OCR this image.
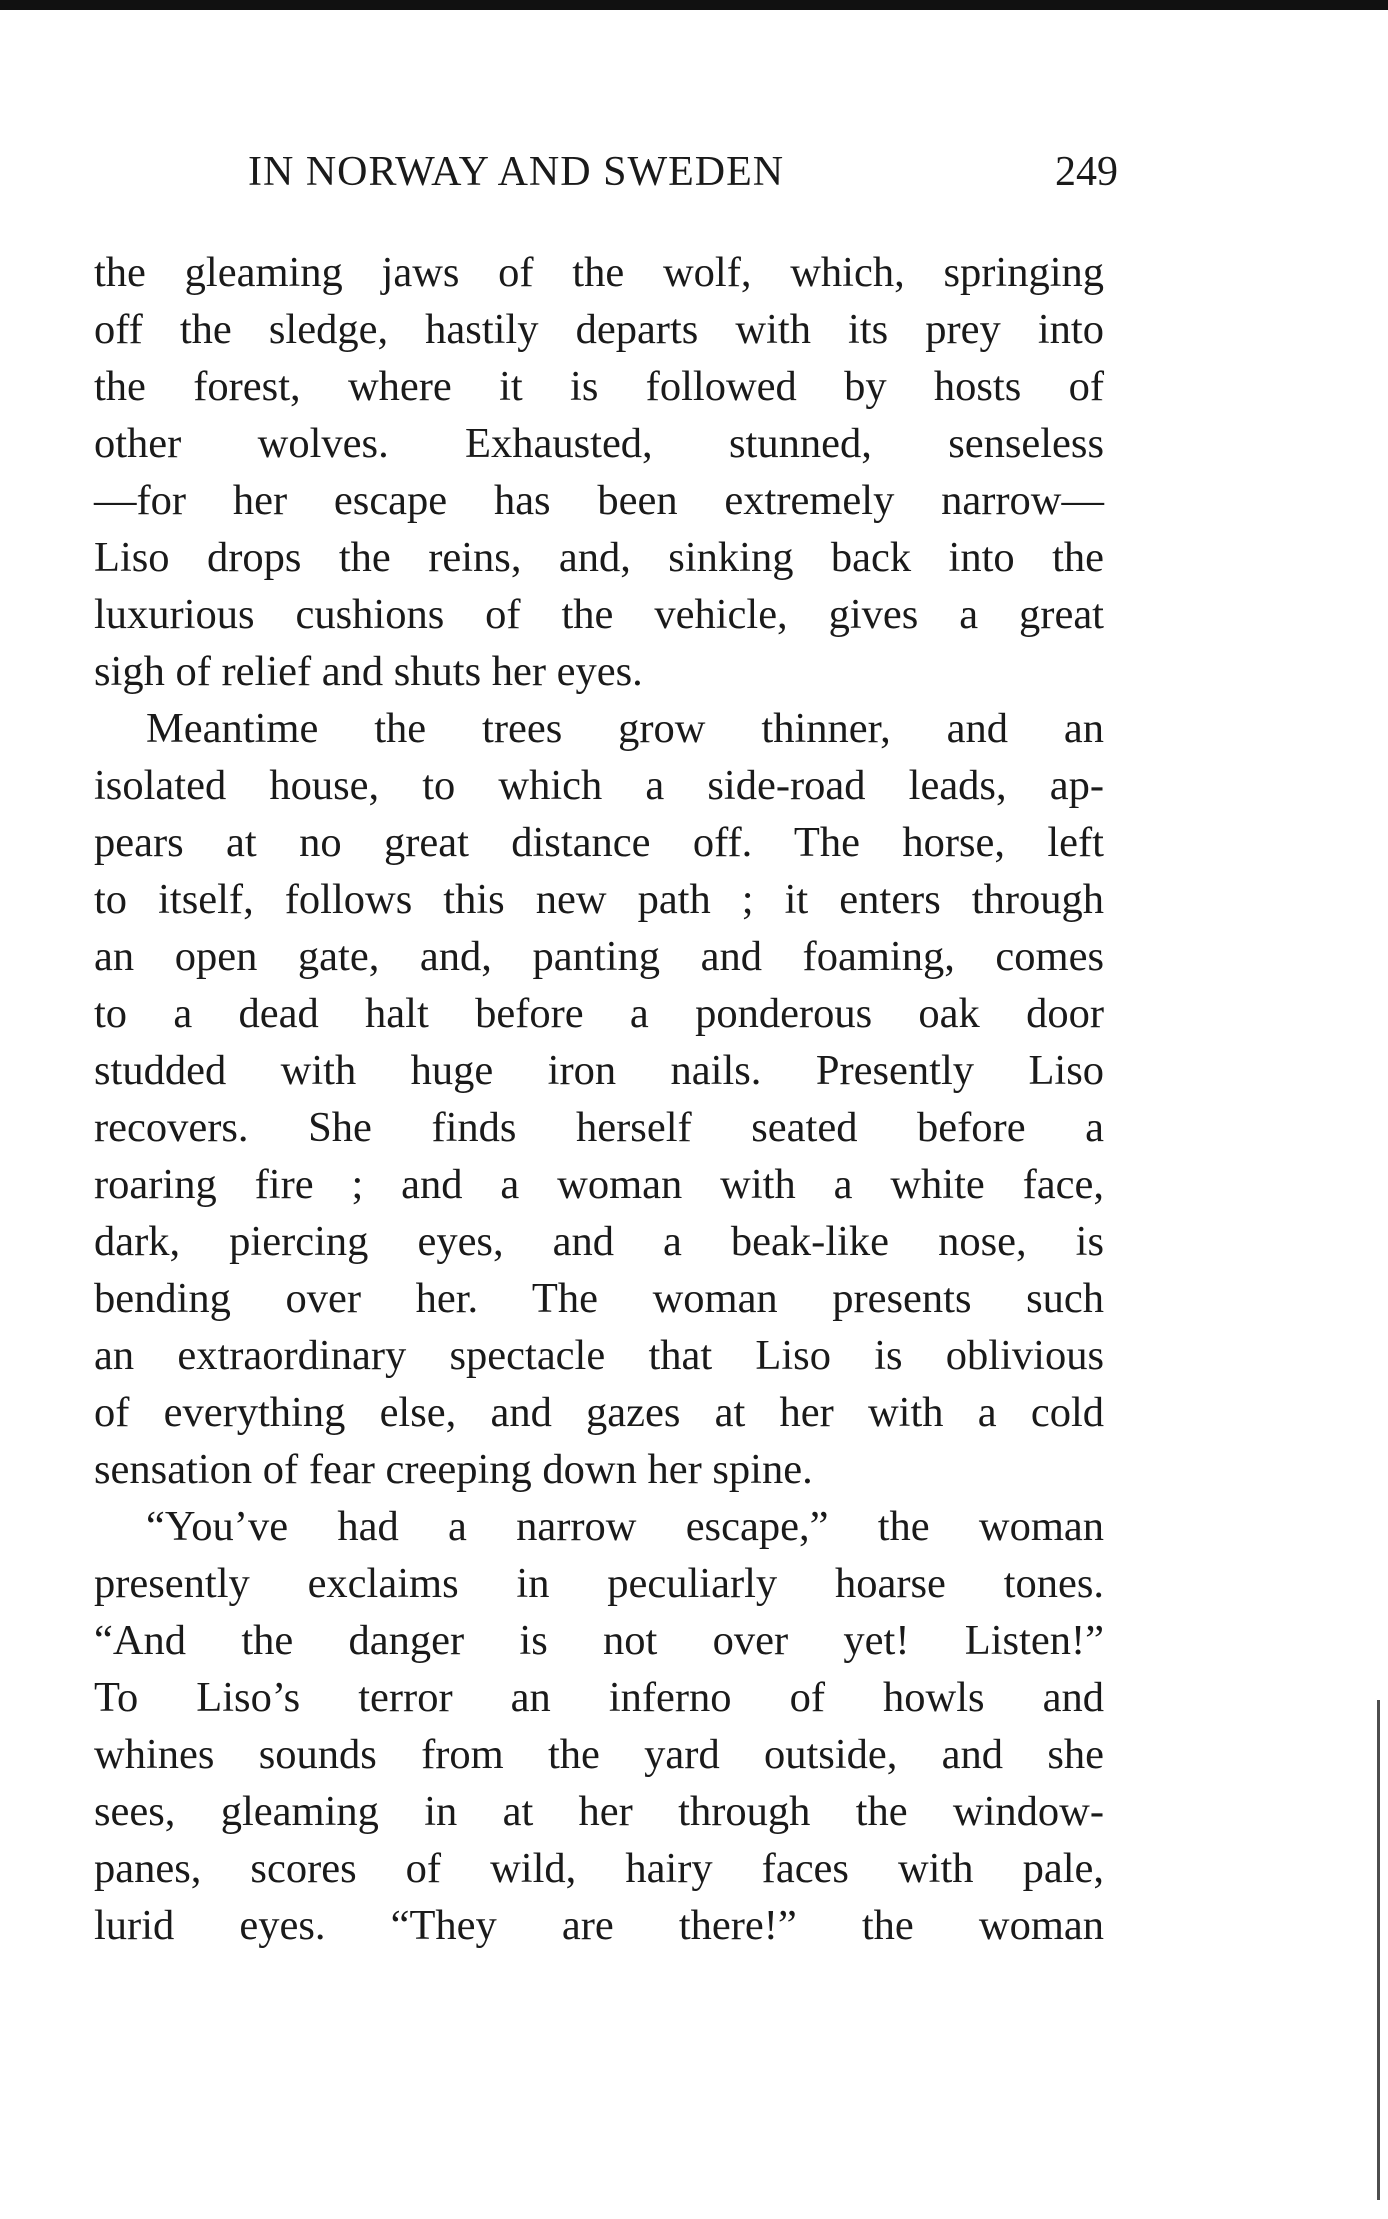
IN NORWAY AND SWEDEN	249
the gleaming jaws of the wolf, which, springing
off the sledge, hastily departs with its prey into
the forest, where it is followed by hosts of
other wolves. Exhausted, stunned, senseless
—for her escape has been extremely narrow—
Liso drops the reins, and, sinking back into the
luxurious cushions of the vehicle, gives a great
sigh of relief and shuts her eyes.
Meantime the trees grow thinner, and an
isolated house, to which a side-road leads, ap-
pears at no great distance off. The horse, left
to itself, follows this new path ; it enters through
an open gate, and, panting and foaming, comes
to a dead halt before a ponderous oak door
studded with huge iron nails. Presently Liso
recovers. She finds herself seated before a
roaring fire ; and a woman with a white face,
dark, piercing eyes, and a beak-like nose, is
bending over her. The woman presents such
an extraordinary spectacle that Liso is oblivious
of everything else, and gazes at her with a cold
sensation of fear creeping down her spine.
“You’ve had a narrow escape,” the woman
presently exclaims in peculiarly hoarse tones.
“And the danger is not over yet! Listen!”
To Liso’s terror an inferno of howls and
whines sounds from the yard outside, and she
sees, gleaming in at her through the window-
panes, scores of wild, hairy faces with pale,
lurid eyes. “They are there!” the woman
